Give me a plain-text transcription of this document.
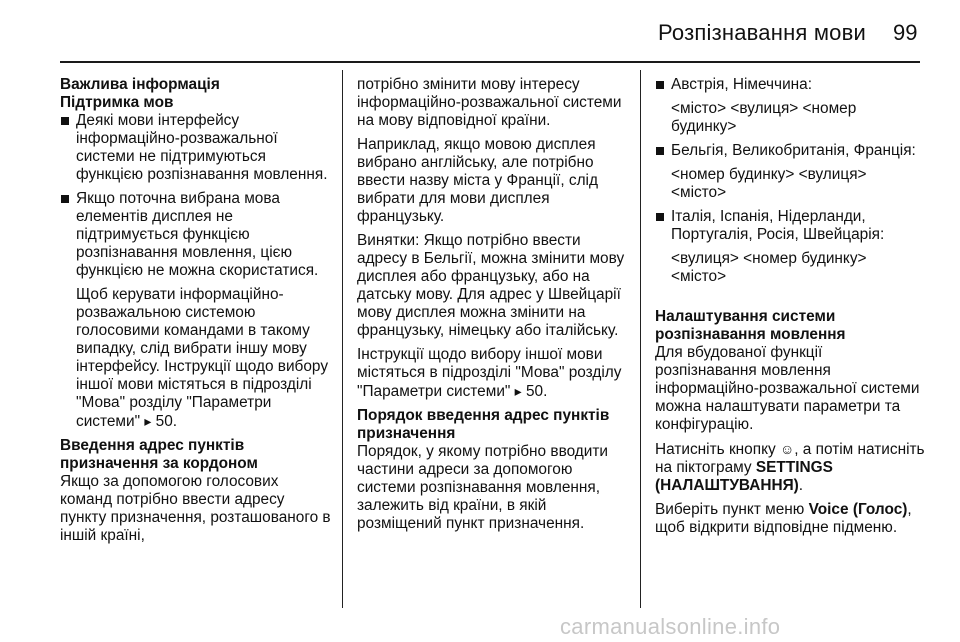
Розпізнавання мови 99

Важлива інформація

Підтримка мов

Деякі мови інтерфейсу інформаційно-розважальної системи не підтримуються функцією розпізнавання мовлення.
Якщо поточна вибрана мова елементів дисплея не підтримується функцією розпізнавання мовлення, цією функцією не можна скористатися.

Щоб керувати інформаційно-розважальною системою голосовими командами в такому випадку, слід вибрати іншу мову інтерфейсу. Інструкції щодо вибору іншої мови містяться в підрозділі "Мова" розділу "Параметри системи" ▸ 50.

Введення адрес пунктів призначення за кордоном

Якщо за допомогою голосових команд потрібно ввести адресу пункту призначення, розташованого в іншій країні,

потрібно змінити мову інтересу інформаційно-розважальної системи на мову відповідної країни.

Наприклад, якщо мовою дисплея вибрано англійську, але потрібно ввести назву міста у Франції, слід вибрати для мови дисплея французьку.

Винятки: Якщо потрібно ввести адресу в Бельгії, можна змінити мову дисплея або французьку, або на датську мову. Для адрес у Швейцарії мову дисплея можна змінити на французьку, німецьку або італійську.

Інструкції щодо вибору іншої мови містяться в підрозділі "Мова" розділу "Параметри системи" ▸ 50.

Порядок введення адрес пунктів призначення

Порядок, у якому потрібно вводити частини адреси за допомогою системи розпізнавання мовлення, залежить від країни, в якій розміщений пункт призначення.

Австрія, Німеччина:

<місто> <вулиця> <номер будинку>

Бельгія, Великобританія, Франція:

<номер будинку> <вулиця> <місто>

Італія, Іспанія, Нідерланди, Португалія, Росія, Швейцарія:

<вулиця> <номер будинку> <місто>

Налаштування системи розпізнавання мовлення

Для вбудованої функції розпізнавання мовлення інформаційно-розважальної системи можна налаштувати параметри та конфігурацію.

Натисніть кнопку ☺, а потім натисніть на піктограму SETTINGS (НАЛАШТУВАННЯ).

Виберіть пункт меню Voice (Голос), щоб відкрити відповідне підменю.

carmanualsonline.info
